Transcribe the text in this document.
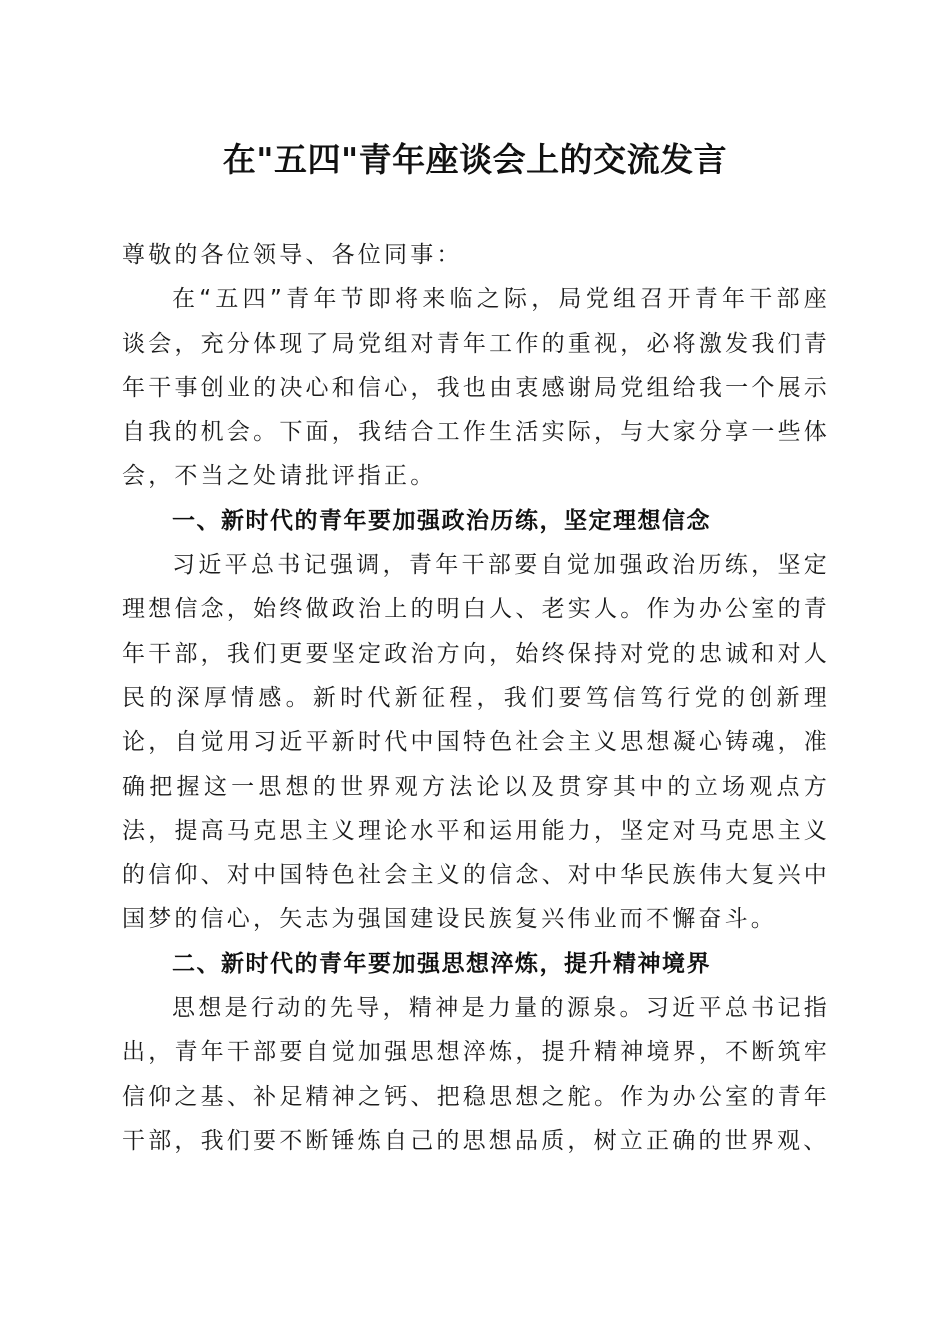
在"五四"青年座谈会上的交流发言

尊敬的各位领导、各位同事：

在“五四”青年节即将来临之际，局党组召开青年干部座谈会，充分体现了局党组对青年工作的重视，必将激发我们青年干事创业的决心和信心，我也由衷感谢局党组给我一个展示自我的机会。下面，我结合工作生活实际，与大家分享一些体会，不当之处请批评指正。

一、新时代的青年要加强政治历练，坚定理想信念

习近平总书记强调，青年干部要自觉加强政治历练，坚定理想信念，始终做政治上的明白人、老实人。作为办公室的青年干部，我们更要坚定政治方向，始终保持对党的忠诚和对人民的深厚情感。新时代新征程，我们要笃信笃行党的创新理论，自觉用习近平新时代中国特色社会主义思想凝心铸魂，准确把握这一思想的世界观方法论以及贯穿其中的立场观点方法，提高马克思主义理论水平和运用能力，坚定对马克思主义的信仰、对中国特色社会主义的信念、对中华民族伟大复兴中国梦的信心，矢志为强国建设民族复兴伟业而不懈奋斗。

二、新时代的青年要加强思想淬炼，提升精神境界

思想是行动的先导，精神是力量的源泉。习近平总书记指出，青年干部要自觉加强思想淬炼，提升精神境界，不断筑牢信仰之基、补足精神之钙、把稳思想之舵。作为办公室的青年干部，我们要不断锤炼自己的思想品质，树立正确的世界观、
